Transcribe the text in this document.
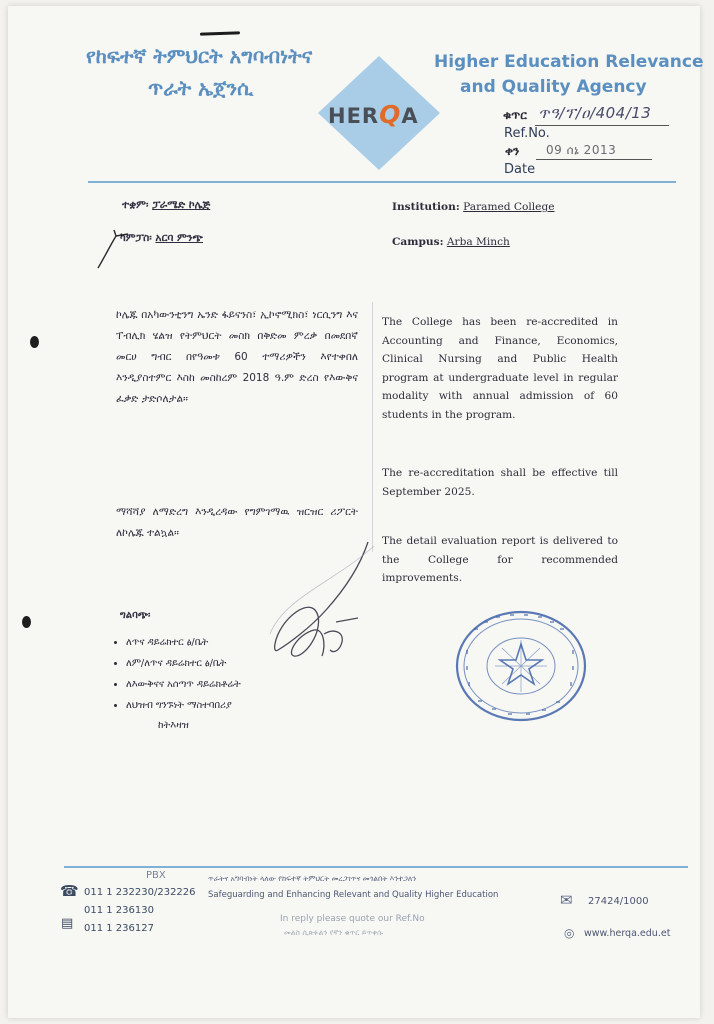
የከፍተኛ ትምህርት አግባብነትና
ጥራት ኤጀንሲ
Higher Education Relevance
and Quality Agency
HERQA	ቁጥር ጥዓ/ፕ/ዐ/404/13
Ref.No.
ቀን 09 ሰኔ 2013
Date
ተቋም፡ ፓራሜድ ኮሌጅ
ካምፓስ፡ አርባ ምንጭ
Institution: Paramed College
Campus: Arba Minch
ኮሌጁ በአካውንቲንግ ኤንድ ፋይናንስ፣ ኢኮኖሚክስ፣ ነርሲንግ እና ፐብሊክ ሄልዝ የትምህርት መስክ በቅድመ ምረቃ በመደበኛ መርሀ ግብር በየዓመቱ 60 ተማሪዎችን እየተቀበለ እንዲያስተምር እስከ መስከረም 2018 ዓ.ም ድረስ የእውቅና ፈቃድ ታድሶለታል።
ማሻሻያ ለማድረግ እንዲረዳው የግምገማዉ ዝርዝር ሪፖርት ለኮሌጁ ተልኳል።
The College has been re-accredited in Accounting and Finance, Economics, Clinical Nursing and Public Health program at undergraduate level in regular modality with annual admission of 60 students in the program.
The re-accreditation shall be effective till September 2025.
The detail evaluation report is delivered to the College for recommended improvements.
ግልባጭ፡
• ለጥና ዳይሬክተር ፅ/ቤት
• ለም/ለጥና ዳይሬክተር ፅ/ቤት
• ለእውቅናና አሰጣጥ ዳይሬክቶሬት
• ለህዝብ ግንኙነት ማስተባበሪያ
ከትእዛዝ
PBX
☎ 011 1 232230/232226
011 1 236130
▤ 011 1 236127
ጥራትና አግባብነት ላለው የከፍተኛ ትምህርት መረጋገጥና መጎልበት እንተጋለን
Safeguarding and Enhancing Relevant and Quality Higher Education
In reply please quote our Ref.No
መልስ ሲጽፉልን የኛን ቁጥር ይጥቀሱ
✉ 27424/1000
◎ www.herqa.edu.et
